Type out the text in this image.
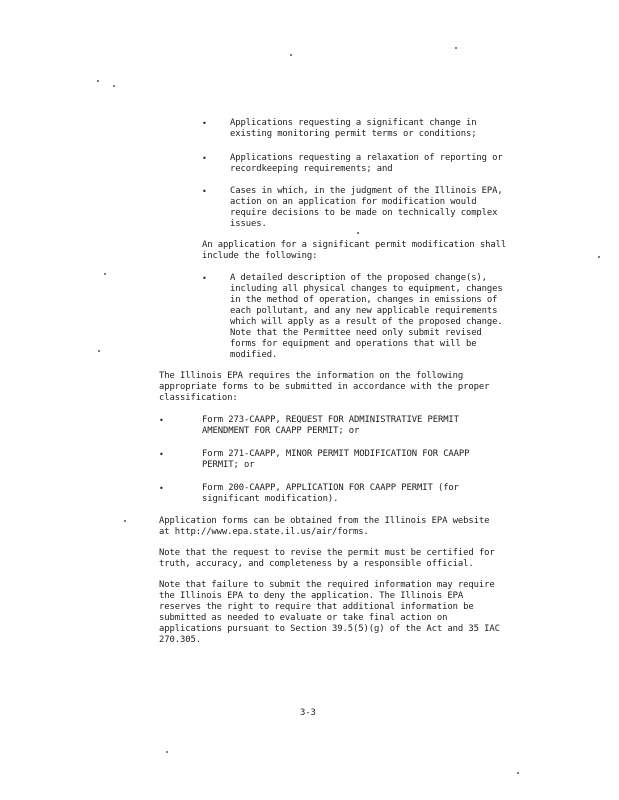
•	Applications requesting a significant change in
existing monitoring permit terms or conditions;
•	Applications requesting a relaxation of reporting or
recordkeeping requirements; and
•	Cases in which, in the judgment of the Illinois EPA,
action on an application for modification would
require decisions to be made on technically complex
issues.
An application for a significant permit modification shall
include the following:
•	A detailed description of the proposed change(s),
including all physical changes to equipment, changes
in the method of operation, changes in emissions of
each pollutant, and any new applicable requirements
which will apply as a result of the proposed change.
Note that the Permittee need only submit revised
forms for equipment and operations that will be
modified.
The Illinois EPA requires the information on the following
appropriate forms to be submitted in accordance with the proper
classification:
•	Form 273-CAAPP, REQUEST FOR ADMINISTRATIVE PERMIT
AMENDMENT FOR CAAPP PERMIT; or
•	Form 271-CAAPP, MINOR PERMIT MODIFICATION FOR CAAPP
PERMIT; or
•	Form 200-CAAPP, APPLICATION FOR CAAPP PERMIT (for
significant modification).
Application forms can be obtained from the Illinois EPA website
at http://www.epa.state.il.us/air/forms.
Note that the request to revise the permit must be certified for
truth, accuracy, and completeness by a responsible official.
Note that failure to submit the required information may require
the Illinois EPA to deny the application. The Illinois EPA
reserves the right to require that additional information be
submitted as needed to evaluate or take final action on
applications pursuant to Section 39.5(5)(g) of the Act and 35 IAC
270.305.
3-3
